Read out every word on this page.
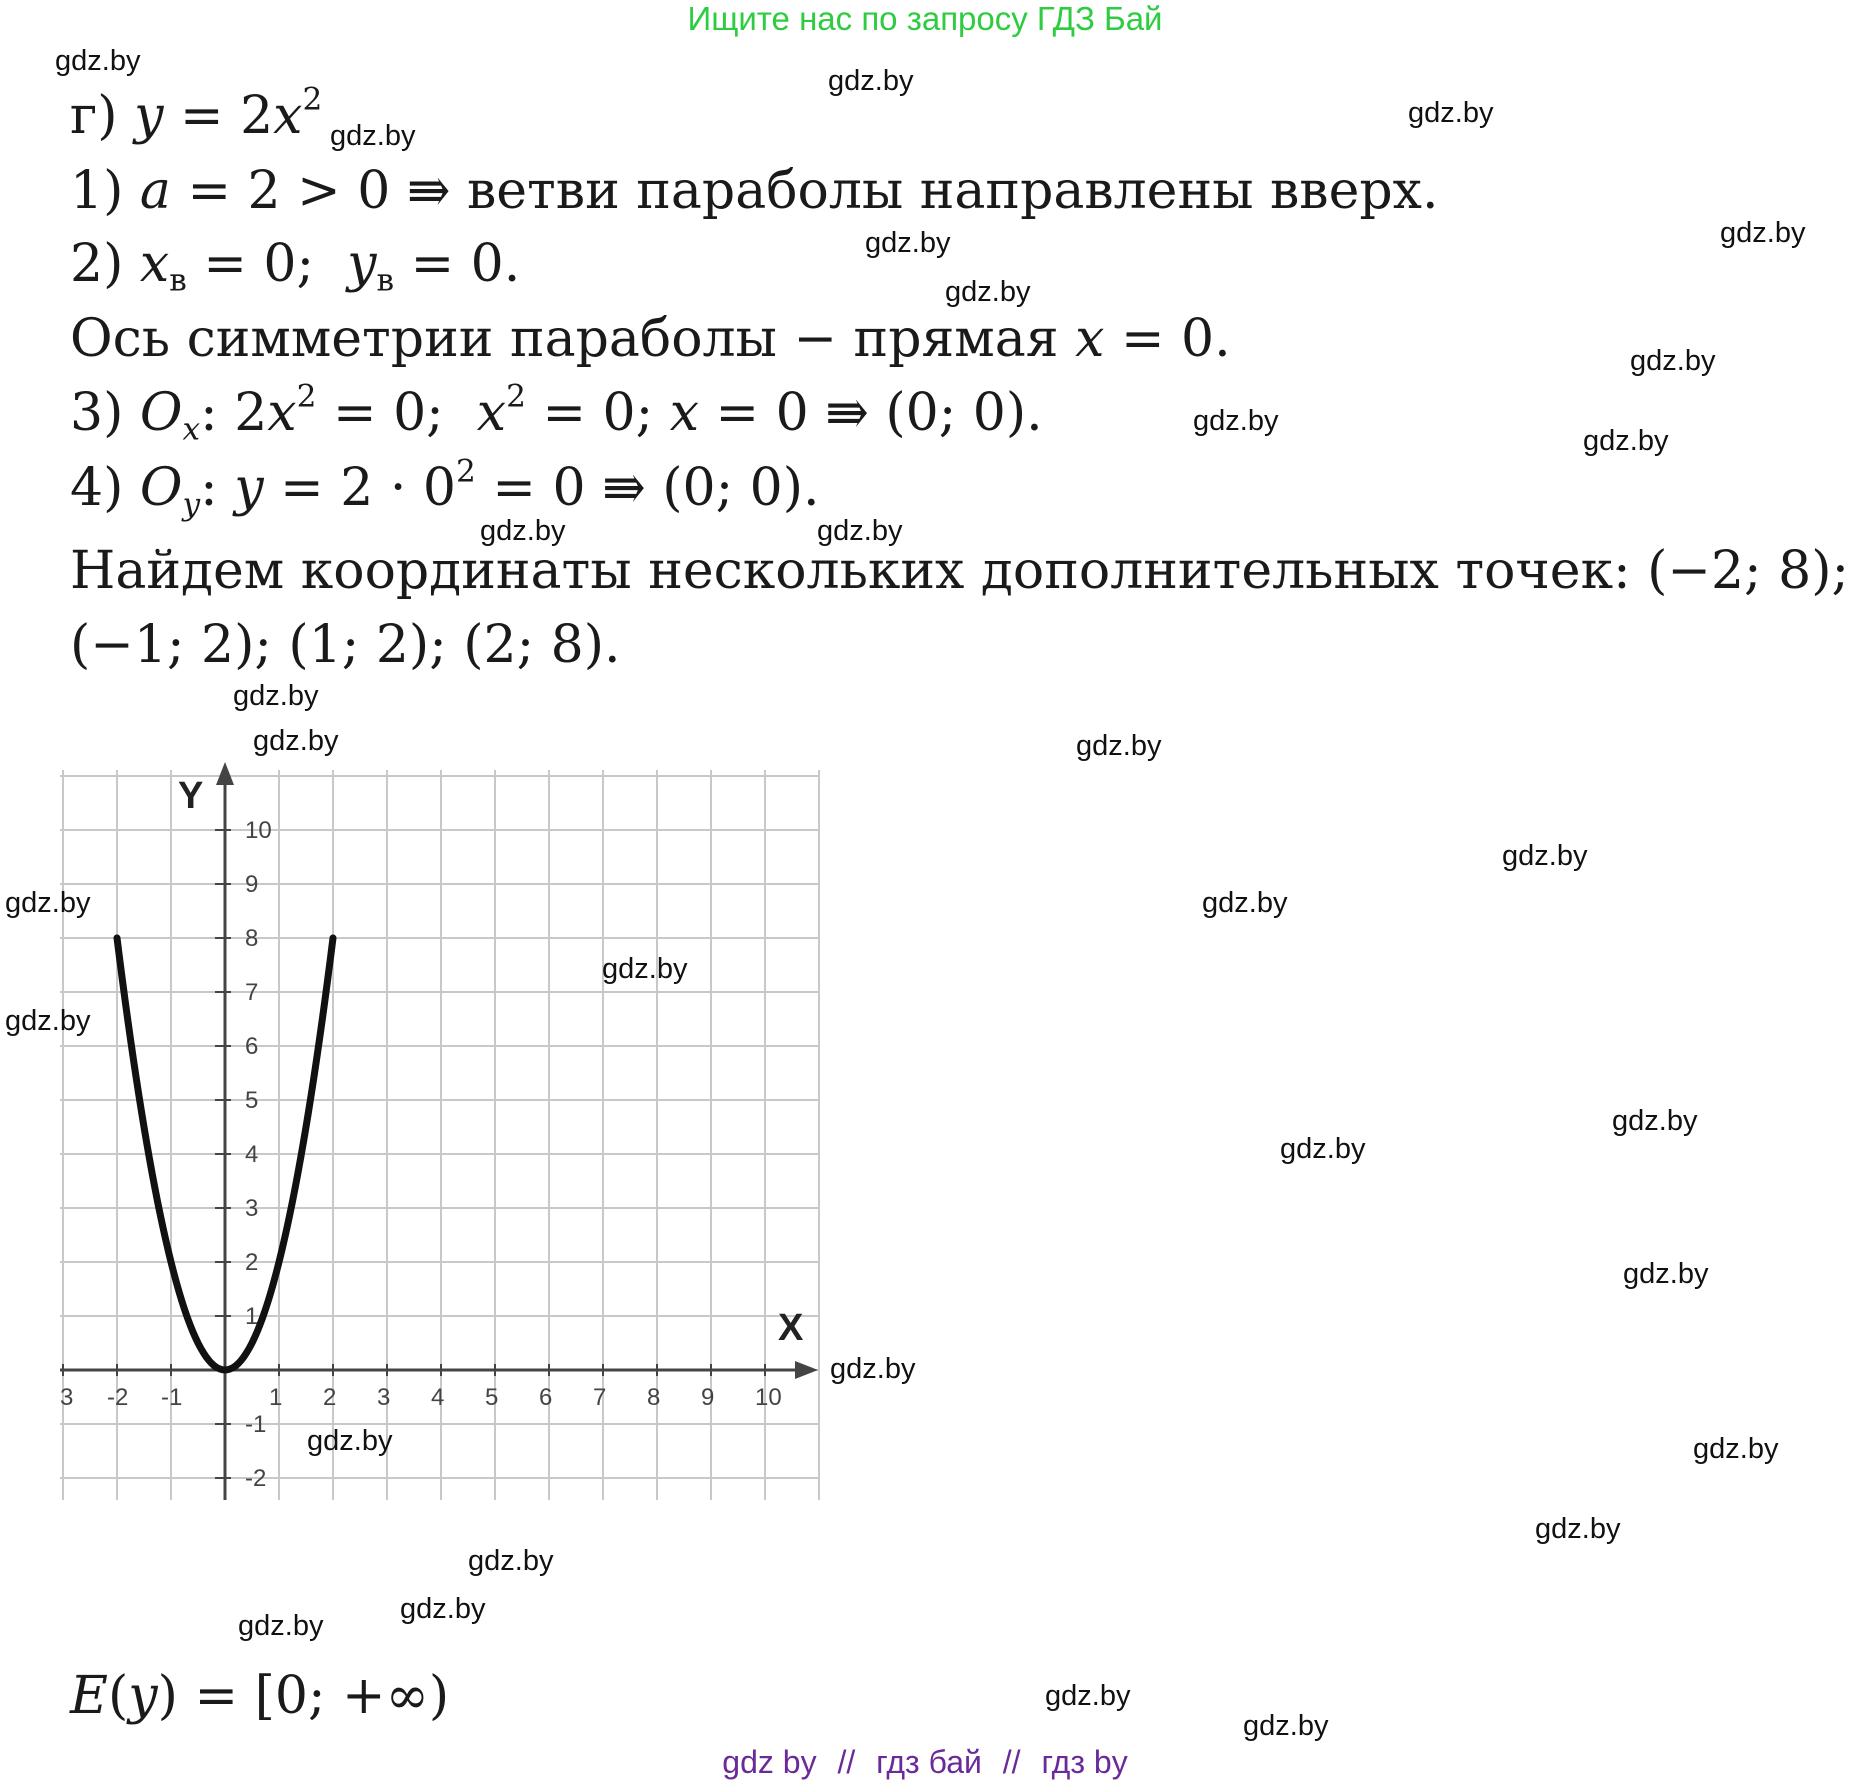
Ищите нас по запросу ГДЗ Бай
г) $y = 2x^2$
1) a = 2 > 0 ⇛ ветви параболы направлены вверх.
2) $x_в = 0$;  $y_в = 0$.
Ось симметрии параболы − прямая x = 0.
3) $O_x$: $2x^2 = 0$;  $x^2 = 0$; x = 0 ⇛ (0; 0).
4) $O_y$: $y = 2 \cdot 0^2 = 0$ ⇛ (0; 0).
Найдем координаты нескольких дополнительных точек: (−2; 8);
(−1; 2); (1; 2); (2; 8).
E(y) = [0; +∞)
X
Y
3 -2 -1	1 2 3 4 5 6 7 8 9 10
10
9
8
7
6
5
4
3
2
1
-1
-2
gdz by // гдз бай // гдз by
gdz.by
gdz.by
gdz.by
gdz.by
gdz.by
gdz.by
gdz.by
gdz.by
gdz.by
gdz.by
gdz.by	gdz.by
gdz.by
gdz.by	gdz.by
gdz.by
gdz.by	gdz.by
gdz.by
gdz.by
gdz.by
gdz.by
gdz.by
gdz.by
gdz.by	gdz.by
gdz.by
gdz.by
gdz.by
gdz.by
gdz.by
gdz.by
